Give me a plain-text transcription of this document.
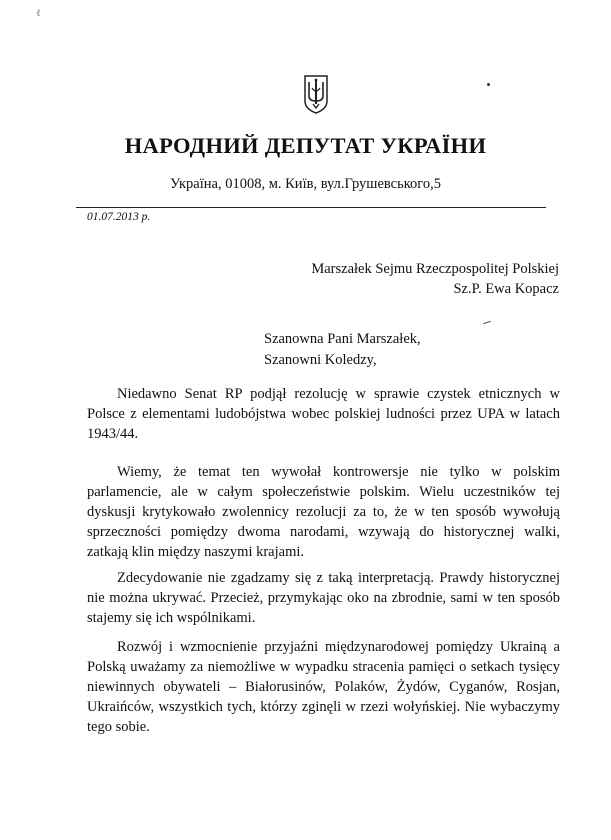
ℓ
НАРОДНИЙ ДЕПУТАТ УКРАЇНИ
Україна, 01008, м. Київ, вул.Грушевського,5
01.07.2013 р.
Marszałek Sejmu Rzeczpospolitej Polskiej
Sz.P. Ewa Kopacz
Szanowna Pani Marszałek,
Szanowni Koledzy,

Niedawno Senat RP podjął rezolucję w sprawie czystek etnicznych w Polsce z elementami ludobójstwa wobec polskiej ludności przez UPA w latach 1943/44.

Wiemy, że temat ten wywołał kontrowersje nie tylko w polskim parlamencie, ale w całym społeczeństwie polskim. Wielu uczestników tej dyskusji krytykowało zwolennicy rezolucji za to, że w ten sposób wywołują sprzeczności pomiędzy dwoma narodami, wzywają do historycznej walki, zatkają klin między naszymi krajami.

Zdecydowanie nie zgadzamy się z taką interpretacją. Prawdy historycznej nie można ukrywać. Przecież, przymykając oko na zbrodnie, sami w ten sposób stajemy się ich wspólnikami.

Rozwój i wzmocnienie przyjaźni międzynarodowej pomiędzy Ukrainą a Polską uważamy za niemożliwe w wypadku stracenia pamięci o setkach tysięcy niewinnych obywateli – Białorusinów, Polaków, Żydów, Cyganów, Rosjan, Ukraińców, wszystkich tych, którzy zginęli w rzezi wołyńskiej. Nie wybaczymy tego sobie.
